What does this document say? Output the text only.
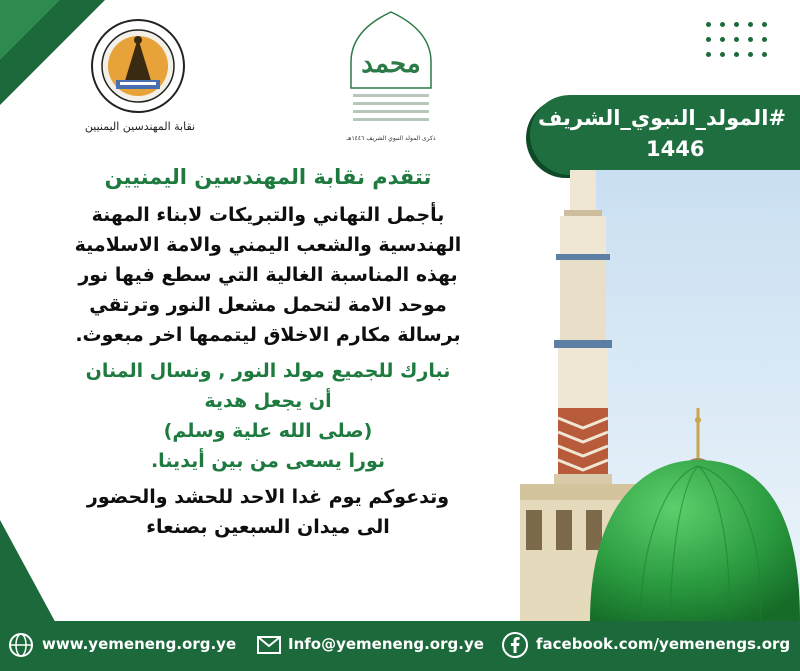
نقابة المهندسين اليمنيين
محمد
ذكرى المولد النبوي الشريف ١٤٤٦هـ
#المولد_النبوي_الشريف
1446
تتقدم نقابة المهندسين اليمنيين
بأجمل التهاني والتبريكات لابناء المهنة
الهندسية والشعب اليمني والامة الاسلامية
بهذه المناسبة الغالية التي سطع فيها نور
موحد الامة لتحمل مشعل النور وترتقي
برسالة مكارم الاخلاق ليتممها اخر مبعوث.
نبارك للجميع مولد النور , ونسال المنان
أن يجعل هدية
(صلى الله علية وسلم)
نورا يسعى من بين أيدينا.
وتدعوكم يوم غدا الاحد للحشد والحضور
الى ميدان السبعين بصنعاء
www.yemeneng.org.ye	Info@yemeneng.org.ye	facebook.com/yemenengs.org
